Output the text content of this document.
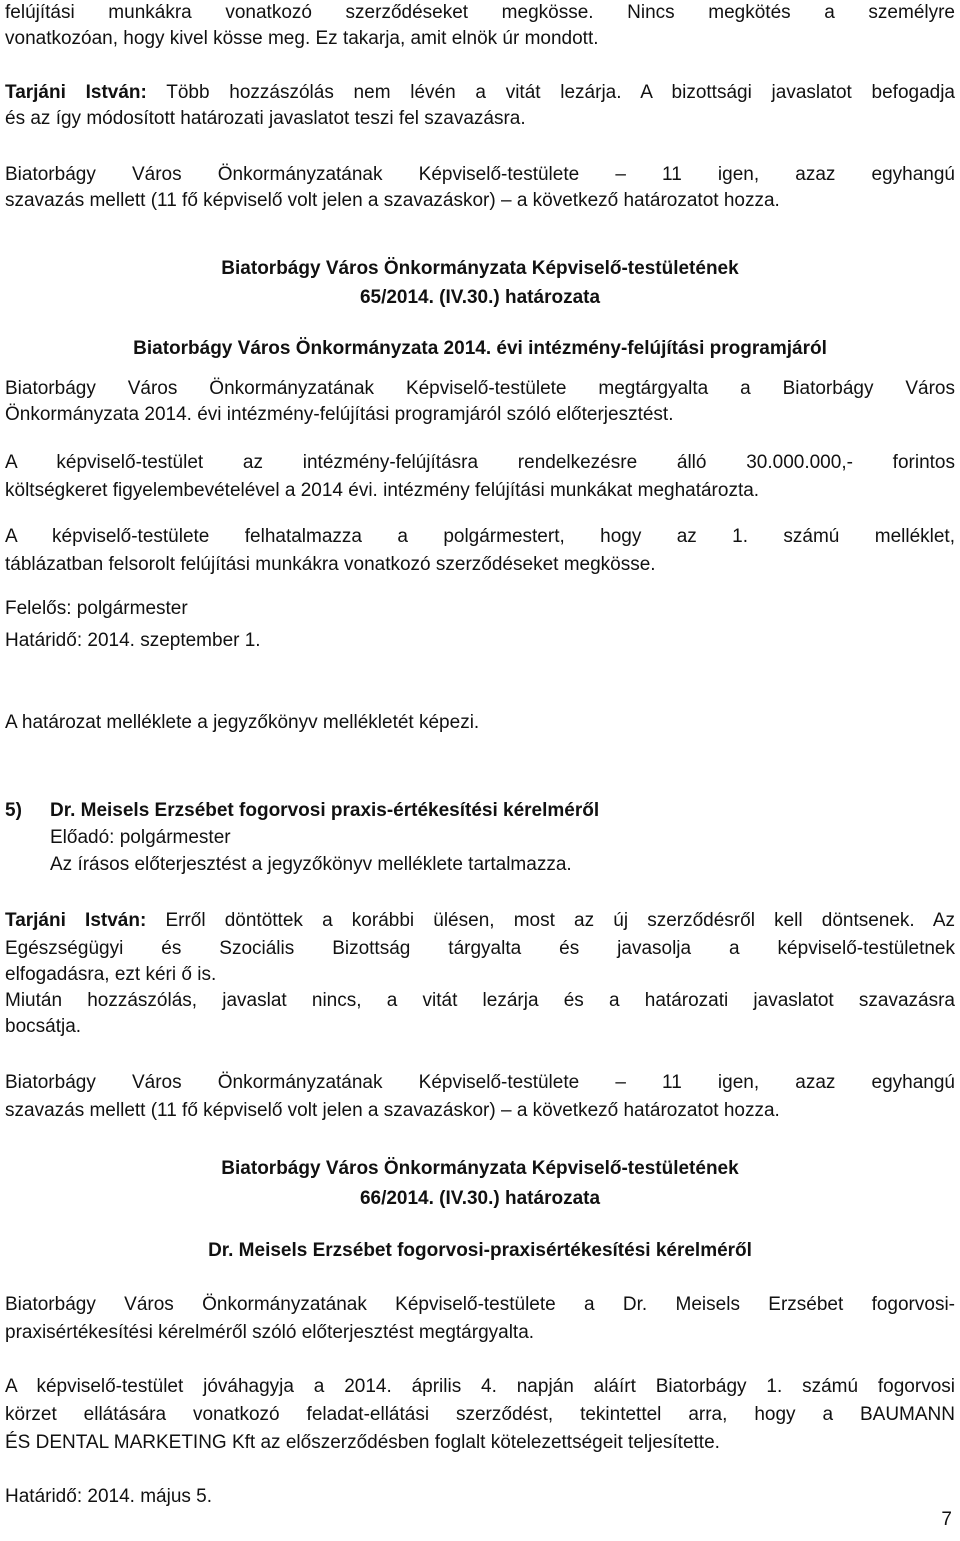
felújítási munkákra vonatkozó szerződéseket megkösse. Nincs megkötés a személyre

vonatkozóan, hogy kivel kösse meg. Ez takarja, amit elnök úr mondott.

Tarjáni István: Több hozzászólás nem lévén a vitát lezárja. A bizottsági javaslatot befogadja

és az így módosított határozati javaslatot teszi fel szavazásra.

Biatorbágy Város Önkormányzatának Képviselő-testülete – 11 igen, azaz egyhangú

szavazás mellett (11 fő képviselő volt jelen a szavazáskor) – a következő határozatot hozza.

Biatorbágy Város Önkormányzata Képviselő-testületének

65/2014. (IV.30.) határozata

Biatorbágy Város Önkormányzata 2014. évi intézmény-felújítási programjáról

Biatorbágy Város Önkormányzatának Képviselő-testülete megtárgyalta a Biatorbágy Város

Önkormányzata 2014. évi intézmény-felújítási programjáról szóló előterjesztést.

A képviselő-testület az intézmény-felújításra rendelkezésre álló 30.000.000,- forintos

költségkeret figyelembevételével a 2014 évi. intézmény felújítási munkákat meghatározta.

A képviselő-testülete felhatalmazza a polgármestert, hogy az 1. számú melléklet,

táblázatban felsorolt felújítási munkákra vonatkozó szerződéseket megkösse.

Felelős: polgármester

Határidő: 2014. szeptember 1.

A határozat melléklete a jegyzőkönyv mellékletét képezi.

5) Dr. Meisels Erzsébet fogorvosi praxis-értékesítési kérelméről

Előadó: polgármester

Az írásos előterjesztést a jegyzőkönyv melléklete tartalmazza.

Tarjáni István: Erről döntöttek a korábbi ülésen, most az új szerződésről kell döntsenek. Az

Egészségügyi és Szociális Bizottság tárgyalta és javasolja a képviselő-testületnek

elfogadásra, ezt kéri ő is.

Miután hozzászólás, javaslat nincs, a vitát lezárja és a határozati javaslatot szavazásra

bocsátja.

Biatorbágy Város Önkormányzatának Képviselő-testülete – 11 igen, azaz egyhangú

szavazás mellett (11 fő képviselő volt jelen a szavazáskor) – a következő határozatot hozza.

Biatorbágy Város Önkormányzata Képviselő-testületének

66/2014. (IV.30.) határozata

Dr. Meisels Erzsébet fogorvosi-praxisértékesítési kérelméről

Biatorbágy Város Önkormányzatának Képviselő-testülete a Dr. Meisels Erzsébet fogorvosi-

praxisértékesítési kérelméről szóló előterjesztést megtárgyalta.

A képviselő-testület jóváhagyja a 2014. április 4. napján aláírt Biatorbágy 1. számú fogorvosi

körzet ellátására vonatkozó feladat-ellátási szerződést, tekintettel arra, hogy a BAUMANN

ÉS DENTAL MARKETING Kft az előszerződésben foglalt kötelezettségeit teljesítette.

Határidő: 2014. május 5.

7
